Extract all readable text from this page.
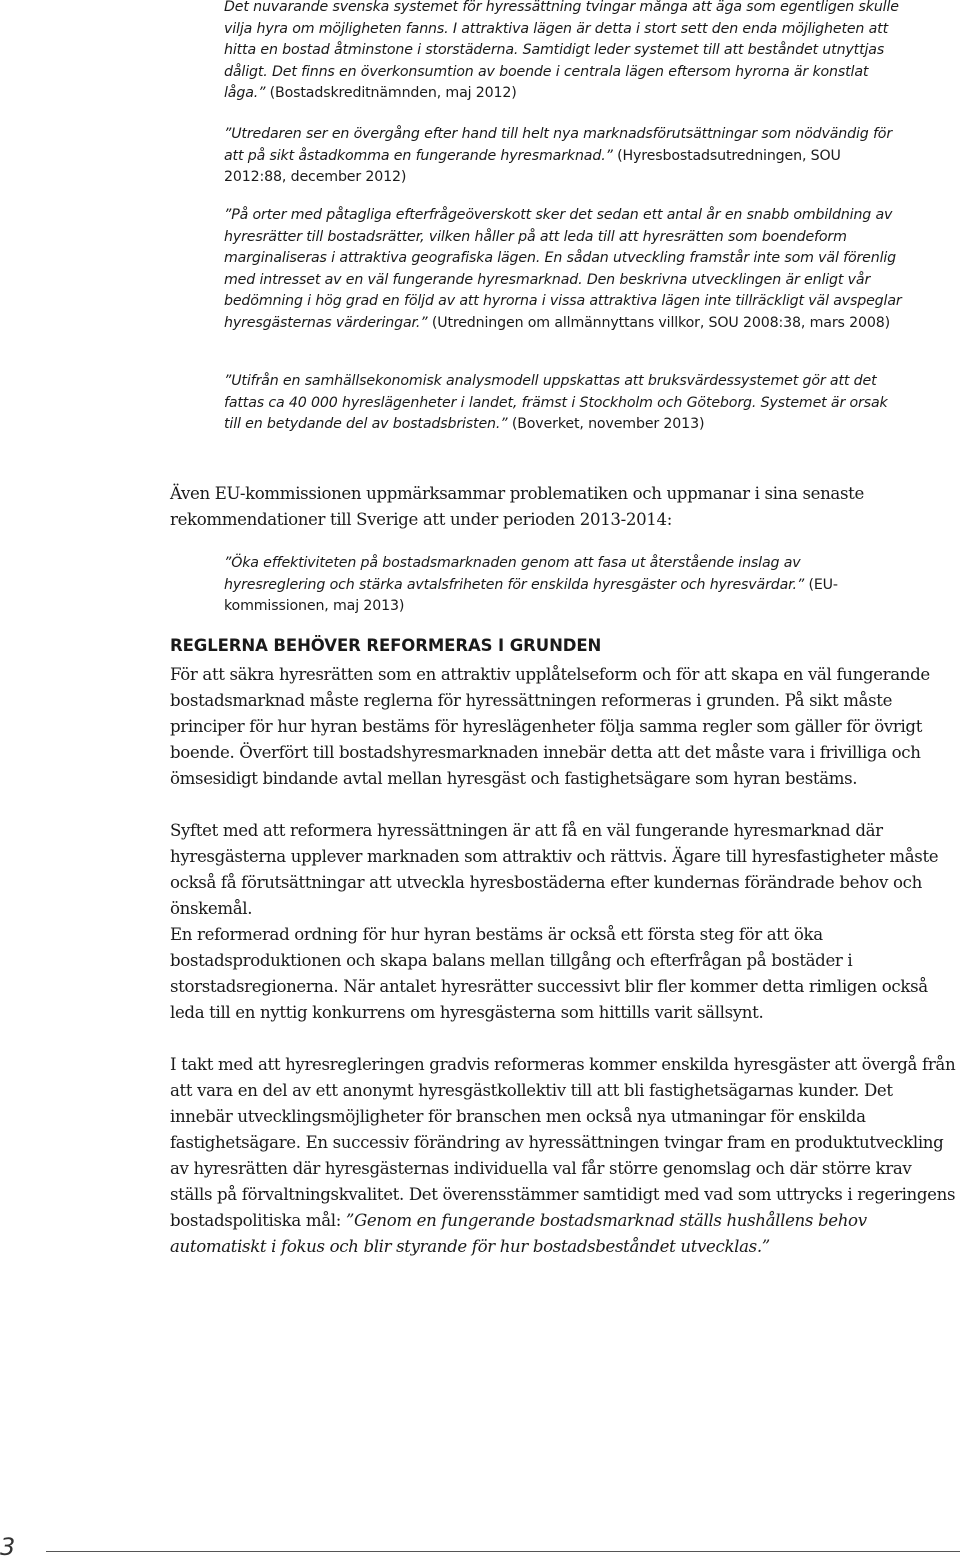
Det nuvarande svenska systemet för hyressättning tvingar många att äga som egentligen skulle vilja hyra om möjligheten fanns. I attraktiva lägen är detta i stort sett den enda möjligheten att hitta en bostad åtminstone i storstäderna. Samtidigt leder systemet till att beståndet utnyttjas dåligt. Det finns en överkonsumtion av boende i centrala lägen eftersom hyrorna är konstlat låga.” (Bostadskreditnämnden, maj 2012)

”Utredaren ser en övergång efter hand till helt nya marknadsförutsättningar som nödvändig för att på sikt åstadkomma en fungerande hyresmarknad.” (Hyresbostadsutredningen, SOU 2012:88, december 2012)

”På orter med påtagliga efterfrågeöverskott sker det sedan ett antal år en snabb ombildning av hyresrätter till bostadsrätter, vilken håller på att leda till att hyresrätten som boendeform marginaliseras i attraktiva geografiska lägen. En sådan utveckling framstår inte som väl förenlig med intresset av en väl fungerande hyresmarknad. Den beskrivna utvecklingen är enligt vår bedömning i hög grad en följd av att hyrorna i vissa attraktiva lägen inte tillräckligt väl avspeglar hyresgästernas värderingar.” (Utredningen om allmännyttans villkor, SOU 2008:38, mars 2008)

”Utifrån en samhällsekonomisk analysmodell uppskattas att bruksvärdessystemet gör att det fattas ca 40 000 hyreslägenheter i landet, främst i Stockholm och Göteborg. Systemet är orsak till en betydande del av bostadsbristen.” (Boverket, november 2013)

Även EU-kommissionen uppmärksammar problematiken och uppmanar i sina senaste rekommendationer till Sverige att under perioden 2013-2014:

”Öka effektiviteten på bostadsmarknaden genom att fasa ut återstående inslag av hyresreglering och stärka avtalsfriheten för enskilda hyresgäster och hyresvärdar.” (EU-kommissionen, maj 2013)

REGLERNA BEHÖVER REFORMERAS I GRUNDEN

För att säkra hyresrätten som en attraktiv upplåtelseform och för att skapa en väl fungerande bostadsmarknad måste reglerna för hyressättningen reformeras i grunden. På sikt måste principer för hur hyran bestäms för hyreslägenheter följa samma regler som gäller för övrigt boende. Överfört till bostadshyresmarknaden innebär detta att det måste vara i frivilliga och ömsesidigt bindande avtal mellan hyresgäst och fastighetsägare som hyran bestäms.

Syftet med att reformera hyressättningen är att få en väl fungerande hyresmarknad där hyresgästerna upplever marknaden som attraktiv och rättvis. Ägare till hyresfastigheter måste också få förutsättningar att utveckla hyresbostäderna efter kundernas förändrade behov och önskemål.

En reformerad ordning för hur hyran bestäms är också ett första steg för att öka bostadsproduktionen och skapa balans mellan tillgång och efterfrågan på bostäder i storstadsregionerna. När antalet hyresrätter successivt blir fler kommer detta rimligen också leda till en nyttig konkurrens om hyresgästerna som hittills varit sällsynt.

I takt med att hyresregleringen gradvis reformeras kommer enskilda hyresgäster att övergå från att vara en del av ett anonymt hyresgästkollektiv till att bli fastighetsägarnas kunder. Det innebär utvecklingsmöjligheter för branschen men också nya utmaningar för enskilda fastighetsägare. En successiv förändring av hyressättningen tvingar fram en produktutveckling av hyresrätten där hyresgästernas individuella val får större genomslag och där större krav ställs på förvaltningskvalitet. Det överensstämmer samtidigt med vad som uttrycks i regeringens bostadspolitiska mål: ”Genom en fungerande bostadsmarknad ställs hushållens behov automatiskt i fokus och blir styrande för hur bostadsbeståndet utvecklas.”

3
